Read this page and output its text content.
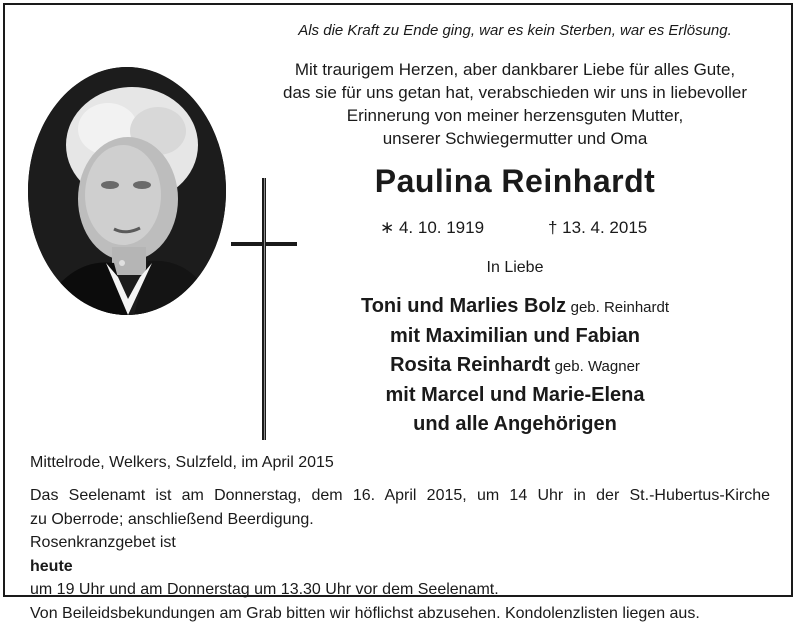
Als die Kraft zu Ende ging, war es kein Sterben, war es Erlösung.
Mit traurigem Herzen, aber dankbarer Liebe für alles Gute,
das sie für uns getan hat, verabschieden wir uns in liebevoller
Erinnerung von meiner herzensguten Mutter,
unserer Schwiegermutter und Oma
Paulina Reinhardt
∗ 4. 10. 1919	† 13. 4. 2015
In Liebe
Toni und Marlies Bolz geb. Reinhardt
mit Maximilian und Fabian
Rosita Reinhardt geb. Wagner
mit Marcel und Marie-Elena
und alle Angehörigen
Mittelrode, Welkers, Sulzfeld, im April 2015
Das Seelenamt ist am Donnerstag, dem 16. April 2015, um 14 Uhr in der St.-Hubertus-Kirche
zu Oberrode; anschließend Beerdigung.
Rosenkranzgebet ist
heute
um 19 Uhr und am Donnerstag um 13.30 Uhr vor dem Seelenamt.
Von Beileidsbekundungen am Grab bitten wir höflichst abzusehen. Kondolenzlisten liegen aus.
